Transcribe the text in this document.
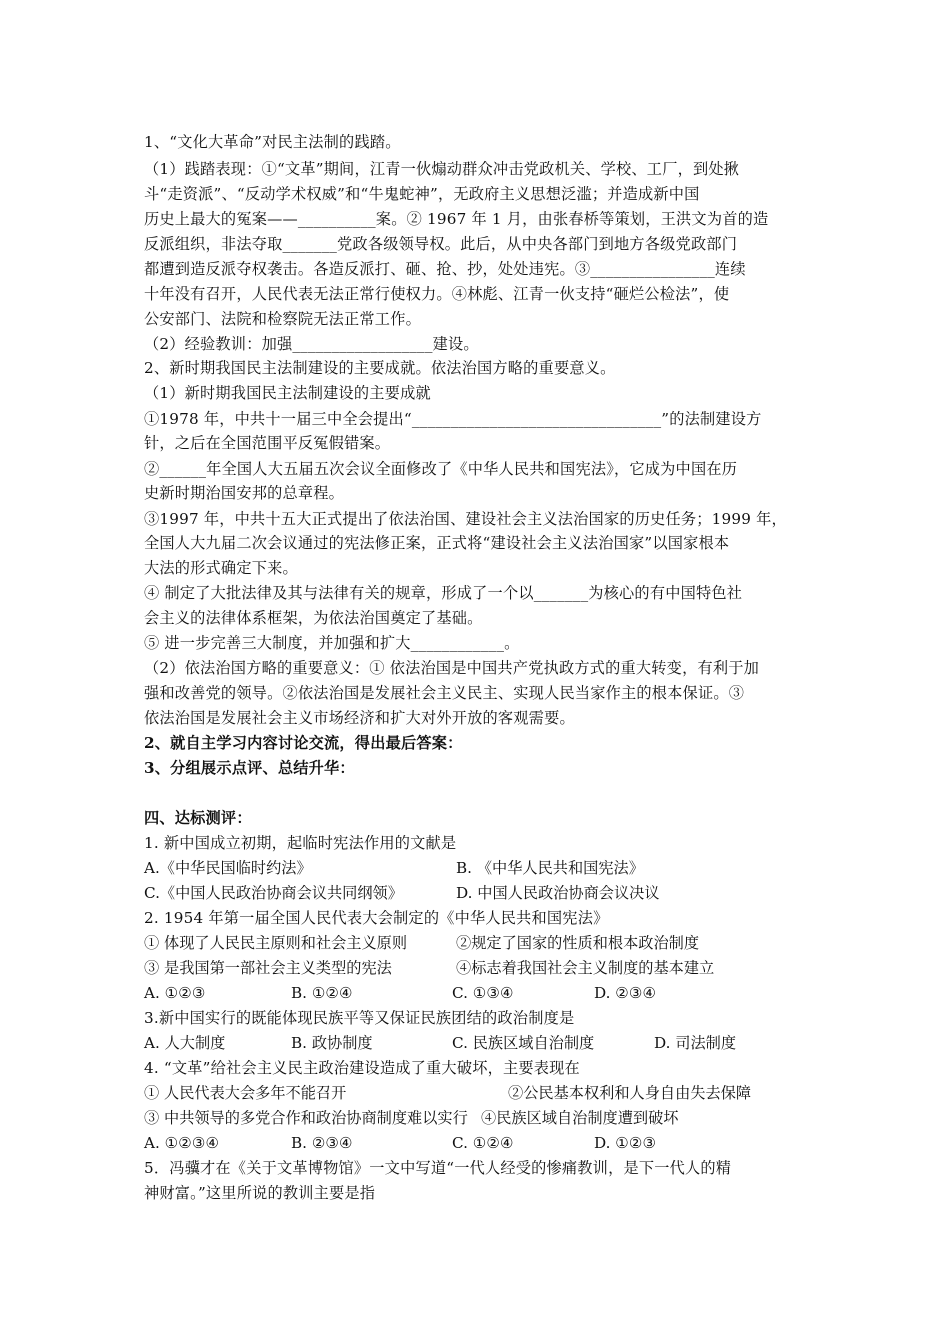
1、“文化大革命”对民主法制的践踏。
（1）践踏表现：①“文革”期间，江青一伙煽动群众冲击党政机关、学校、工厂，到处揪
斗“走资派”、“反动学术权威”和“牛鬼蛇神”，无政府主义思想泛滥；并造成新中国
历史上最大的冤案——__________案。② 1967 年 1 月，由张春桥等策划，王洪文为首的造
反派组织，非法夺取_______党政各级领导权。此后，从中央各部门到地方各级党政部门
都遭到造反派夺权袭击。各造反派打、砸、抢、抄，处处违宪。③________________连续
十年没有召开，人民代表无法正常行使权力。④林彪、江青一伙支持“砸烂公检法”，使
公安部门、法院和检察院无法正常工作。
（2）经验教训：加强__________________建设。
2、新时期我国民主法制建设的主要成就。依法治国方略的重要意义。
（1）新时期我国民主法制建设的主要成就
①1978 年，中共十一届三中全会提出“________________________________”的法制建设方
针，之后在全国范围平反冤假错案。
②______年全国人大五届五次会议全面修改了《中华人民共和国宪法》，它成为中国在历
史新时期治国安邦的总章程。
③1997 年，中共十五大正式提出了依法治国、建设社会主义法治国家的历史任务；1999 年，
全国人大九届二次会议通过的宪法修正案，正式将“建设社会主义法治国家”以国家根本
大法的形式确定下来。
④ 制定了大批法律及其与法律有关的规章，形成了一个以_______为核心的有中国特色社
会主义的法律体系框架，为依法治国奠定了基础。
⑤ 进一步完善三大制度，并加强和扩大____________。
（2）依法治国方略的重要意义：① 依法治国是中国共产党执政方式的重大转变，有利于加
强和改善党的领导。②依法治国是发展社会主义民主、实现人民当家作主的根本保证。③
依法治国是发展社会主义市场经济和扩大对外开放的客观需要。
2、就自主学习内容讨论交流，得出最后答案：
3、分组展示点评、总结升华：
四、达标测评：
1. 新中国成立初期，起临时宪法作用的文献是
A.《中华民国临时约法》	B. 《中华人民共和国宪法》
C.《中国人民政治协商会议共同纲领》	D. 中国人民政治协商会议决议
2. 1954 年第一届全国人民代表大会制定的《中华人民共和国宪法》
① 体现了人民民主原则和社会主义原则	②规定了国家的性质和根本政治制度
③ 是我国第一部社会主义类型的宪法	④标志着我国社会主义制度的基本建立
A. ①②③	B. ①②④	C. ①③④	D. ②③④
3.新中国实行的既能体现民族平等又保证民族团结的政治制度是
A. 人大制度	B. 政协制度	C. 民族区域自治制度	D. 司法制度
4. “文革”给社会主义民主政治建设造成了重大破坏，主要表现在
① 人民代表大会多年不能召开	②公民基本权利和人身自由失去保障
③ 中共领导的多党合作和政治协商制度难以实行 ④民族区域自治制度遭到破坏
A. ①②③④	B. ②③④	C. ①②④	D. ①②③
5．冯骥才在《关于文革博物馆》一文中写道“一代人经受的惨痛教训，是下一代人的精
神财富。”这里所说的教训主要是指
